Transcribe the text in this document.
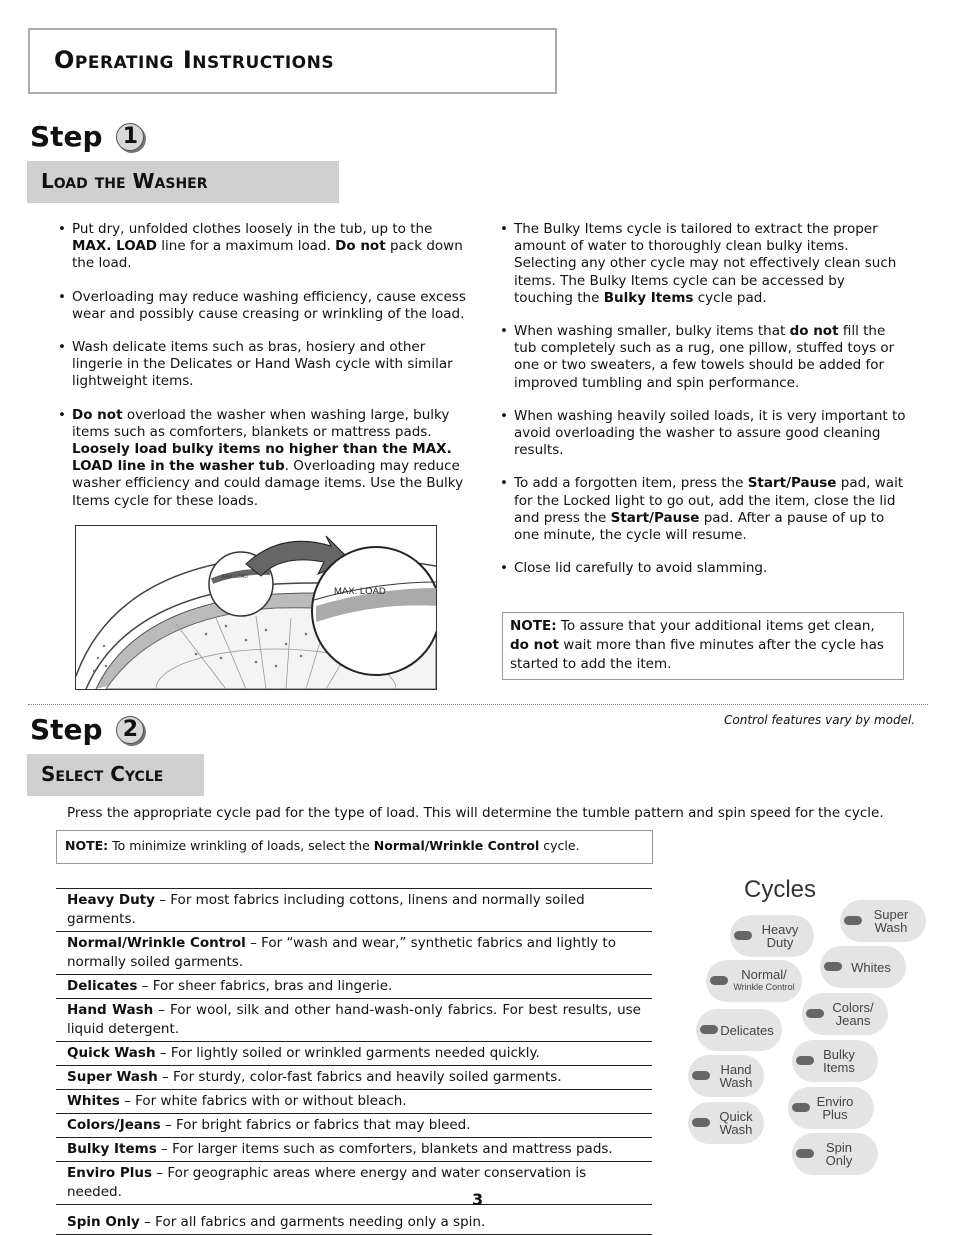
Operating Instructions
Step 1
Load the Washer
• Put dry, unfolded clothes loosely in the tub, up to the MAX. LOAD line for a maximum load. Do not pack down the load.
• Overloading may reduce washing efficiency, cause excess wear and possibly cause creasing or wrinkling of the load.
• Wash delicate items such as bras, hosiery and other lingerie in the Delicates or Hand Wash cycle with similar lightweight items.
• Do not overload the washer when washing large, bulky items such as comforters, blankets or mattress pads. Loosely load bulky items no higher than the MAX. LOAD line in the washer tub. Overloading may reduce washer efficiency and could damage items. Use the Bulky Items cycle for these loads.
• The Bulky Items cycle is tailored to extract the proper amount of water to thoroughly clean bulky items. Selecting any other cycle may not effectively clean such items. The Bulky Items cycle can be accessed by touching the Bulky Items cycle pad.
• When washing smaller, bulky items that do not fill the tub completely such as a rug, one pillow, stuffed toys or one or two sweaters, a few towels should be added for improved tumbling and spin performance.
• When washing heavily soiled loads, it is very important to avoid overloading the washer to assure good cleaning results.
• To add a forgotten item, press the Start/Pause pad, wait for the Locked light to go out, add the item, close the lid and press the Start/Pause pad. After a pause of up to one minute, the cycle will resume.
• Close lid carefully to avoid slamming.
MAX LOAD
MAX. LOAD
NOTE: To assure that your additional items get clean, do not wait more than five minutes after the cycle has started to add the item.
Step 2	Control features vary by model.
Select Cycle
Press the appropriate cycle pad for the type of load. This will determine the tumble pattern and spin speed for the cycle.
NOTE: To minimize wrinkling of loads, select the Normal/Wrinkle Control cycle.
Heavy Duty – For most fabrics including cottons, linens and normally soiled garments.
Normal/Wrinkle Control – For “wash and wear,” synthetic fabrics and lightly to normally soiled garments.
Delicates – For sheer fabrics, bras and lingerie.
Hand Wash – For wool, silk and other hand-wash-only fabrics. For best results, use liquid detergent.
Quick Wash – For lightly soiled or wrinkled garments needed quickly.
Super Wash – For sturdy, color-fast fabrics and heavily soiled garments.
Whites – For white fabrics with or without bleach.
Colors/Jeans – For bright fabrics or fabrics that may bleed.
Bulky Items – For larger items such as comforters, blankets and mattress pads.
Enviro Plus – For geographic areas where energy and water conservation is needed.
Spin Only – For all fabrics and garments needing only a spin.
Cycles
Heavy
Duty
Normal/
Wrinkle Control
Delicates
Hand
Wash
Quick
Wash
Super
Wash
Whites
Colors/
Jeans
Bulky
Items
Enviro
Plus
Spin
Only
3
